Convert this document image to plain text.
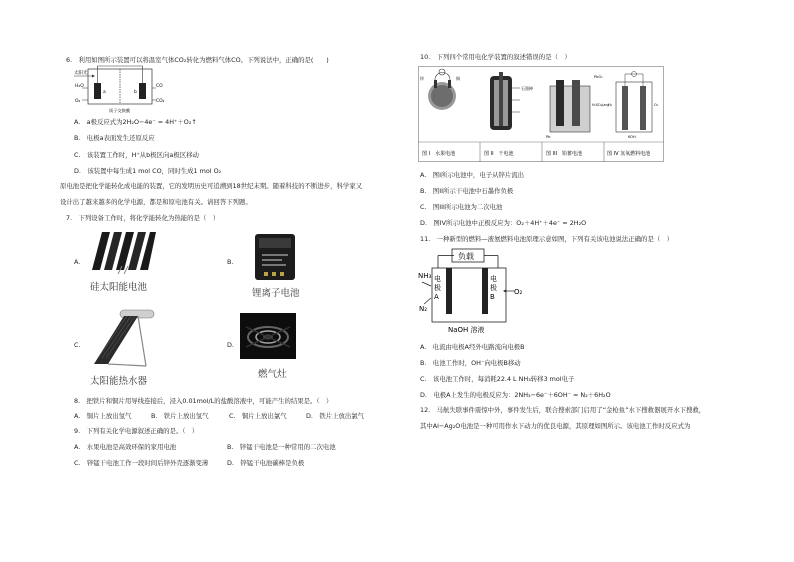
6.　利用如图所示装置可以将温室气体CO₂转化为燃料气体CO。下列说法中，正确的是(　　)
太阳光
a	b
H₂O
O₂
CO
CO₂
质子交换膜
A.　a极反应式为2H₂O−4e⁻ = 4H⁺＋O₂↑
B.　电极a表面发生还原反应
C.　该装置工作时，H⁺从b极区向a极区移动
D.　该装置中每生成1 mol CO，同时生成1 mol O₂
原电池是把化学能转化成电能的装置，它的发明历史可追溯到18世纪末期。随着科技的不断进步，科学家又
设计出了越来越多的化学电源，都是和原电池有关。请回答下列题。
7.　下列设备工作时，将化学能转化为热能的是（　）
A.
硅太阳能电池
B.
锂离子电池
C.
太阳能热水器
D.
燃气灶
8.　把铁片和铜片用导线连接后，浸入0.01mol/L的盐酸溶液中，可能产生的结果是。（　）
A.　铜片上放出氢气	B.　铁片上放出氢气	C.　铜片上放出氯气	D.　铁片上放出氯气
9.　下列有关化学电源叙述正确的是。（　）
A.　水果电池是高效环保的家用电池	B.　锌锰干电池是一种常用的二次电池
C.　锌锰干电池工作一段时间后锌外壳逐渐变薄	D.　锌锰干电池碳棒是负极
10.　下列四个常用电化学装置的叙述错误的是（　）
锌	铜
石墨棒
Pb
PbO₂
H₂SO₄(aq) H₂	O₂
KOH
图 I　水果电池	图 II　干电池	图 III　铅蓄电池	图 IV 氢氧燃料电池
A.　图I所示电池中，电子从锌片流出
B.　图II所示干电池中石墨作负极
C.　图III所示电池为二次电池
D.　图IV所示电池中正极反应为：O₂＋4H⁺＋4e⁻ = 2H₂O
11.　一种新型的燃料—液氨燃料电池原理示意如图，下列有关该电池说法正确的是（　）
负载
电
极
A
电
极
B
NH₃
N₂
O₂
NaOH 溶液
A.　电流由电极A经外电路流向电极B
B.　电池工作时，OH⁻向电极B移动
C.　该电池工作时，每消耗22.4 L NH₃转移3 mol电子
D.　电极A上发生的电极反应为：2NH₃−6e⁻＋6OH⁻ = N₂＋6H₂O
12.　马航失联事件震惊中外，事件发生后，联合搜索部门启用了“金枪鱼”水下搜救器展开水下搜救，
其中Al−Ag₂O电池是一种可用作水下动力的优良电源，其原理如图所示。该电池工作时反应式为
